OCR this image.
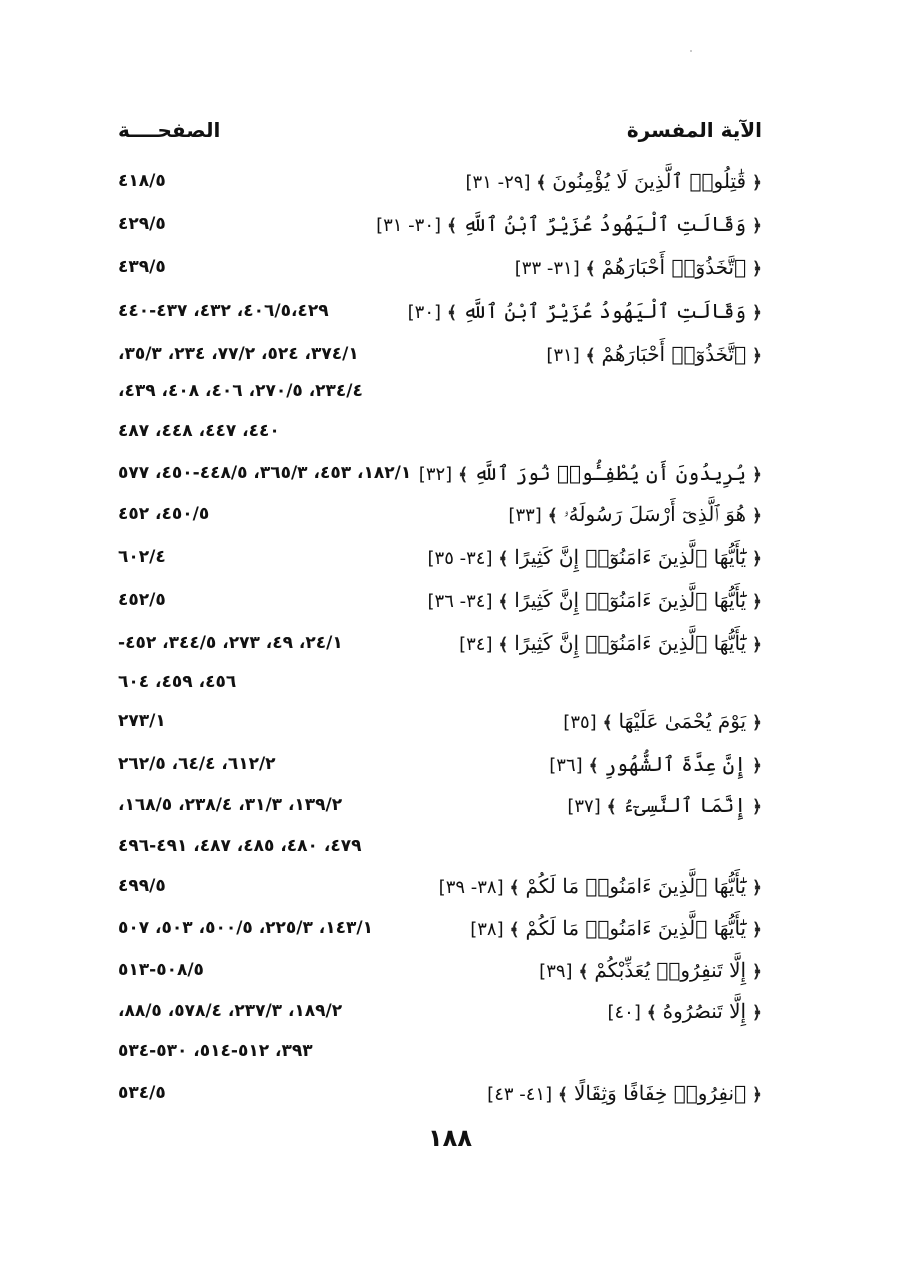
الآية المفسرة
الصفحــــة
﴿ قَٰتِلُوا۟ ٱلَّذِينَ لَا يُؤْمِنُونَ ﴾ [٢٩- ٣١]
٤١٨/٥
﴿ وَقَالَتِ ٱلْيَهُودُ عُزَيْرٌ ٱبْنُ ٱللَّهِ ﴾ [٣٠- ٣١]
٤٢٩/٥
﴿ ٱتَّخَذُوٓا۟ أَحْبَارَهُمْ ﴾ [٣١- ٣٣]
٤٣٩/٥
﴿ وَقَالَتِ ٱلْيَهُودُ عُزَيْرٌ ٱبْنُ ٱللَّهِ ﴾ [٣٠]
٤٠٦/٥،٤٢٩، ٤٣٢، ٤٣٧-٤٤٠
﴿ ٱتَّخَذُوٓا۟ أَحْبَارَهُمْ ﴾ [٣١]
٣٧٤/١، ٥٢٤، ٧٧/٢، ٢٣٤، ٣٥/٣،
٢٣٤/٤، ٢٧٠/٥، ٤٠٦، ٤٠٨، ٤٣٩،
٤٤٠، ٤٤٧، ٤٤٨، ٤٨٧
﴿ يُرِيدُونَ أَن يُطْفِـُٔوا۟ نُورَ ٱللَّهِ ﴾ [٣٢]
١٨٢/١، ٤٥٣، ٣٦٥/٣، ٤٤٨/٥-٤٥٠، ٥٧٧
﴿ هُوَ ٱلَّذِىٓ أَرْسَلَ رَسُولَهُۥ ﴾ [٣٣]
٤٥٠/٥، ٤٥٢
﴿ يَٰٓأَيُّهَا ٱلَّذِينَ ءَامَنُوٓا۟ إِنَّ كَثِيرًا ﴾ [٣٤- ٣٥]
٦٠٢/٤
﴿ يَٰٓأَيُّهَا ٱلَّذِينَ ءَامَنُوٓا۟ إِنَّ كَثِيرًا ﴾ [٣٤- ٣٦]
٤٥٢/٥
﴿ يَٰٓأَيُّهَا ٱلَّذِينَ ءَامَنُوٓا۟ إِنَّ كَثِيرًا ﴾ [٣٤]
٢٤/١، ٤٩، ٢٧٣، ٣٤٤/٥، ٤٥٢-
٤٥٦، ٤٥٩، ٦٠٤
﴿ يَوْمَ يُحْمَىٰ عَلَيْهَا ﴾ [٣٥]
٢٧٣/١
﴿ إِنَّ عِدَّةَ ٱلشُّهُورِ ﴾ [٣٦]
٦١٢/٢، ٦٤/٤، ٢٦٢/٥
﴿ إِنَّمَا ٱلنَّسِىٓءُ ﴾ [٣٧]
١٣٩/٢، ٣١/٣، ٢٣٨/٤، ١٦٨/٥،
٤٧٩، ٤٨٠، ٤٨٥، ٤٨٧، ٤٩١-٤٩٦
﴿ يَٰٓأَيُّهَا ٱلَّذِينَ ءَامَنُوا۟ مَا لَكُمْ ﴾ [٣٨- ٣٩]
٤٩٩/٥
﴿ يَٰٓأَيُّهَا ٱلَّذِينَ ءَامَنُوا۟ مَا لَكُمْ ﴾ [٣٨]
١٤٣/١، ٢٢٥/٣، ٥٠٠/٥، ٥٠٣، ٥٠٧
﴿ إِلَّا تَنفِرُوا۟ يُعَذِّبْكُمْ ﴾ [٣٩]
٥٠٨/٥-٥١٣
﴿ إِلَّا تَنصُرُوهُ ﴾ [٤٠]
١٨٩/٢، ٢٣٧/٣، ٥٧٨/٤، ٨٨/٥،
٣٩٣، ٥١٢-٥١٤، ٥٣٠-٥٣٤
﴿ ٱنفِرُوا۟ خِفَافًا وَثِقَالًا ﴾ [٤١- ٤٣]
٥٣٤/٥
١٨٨
